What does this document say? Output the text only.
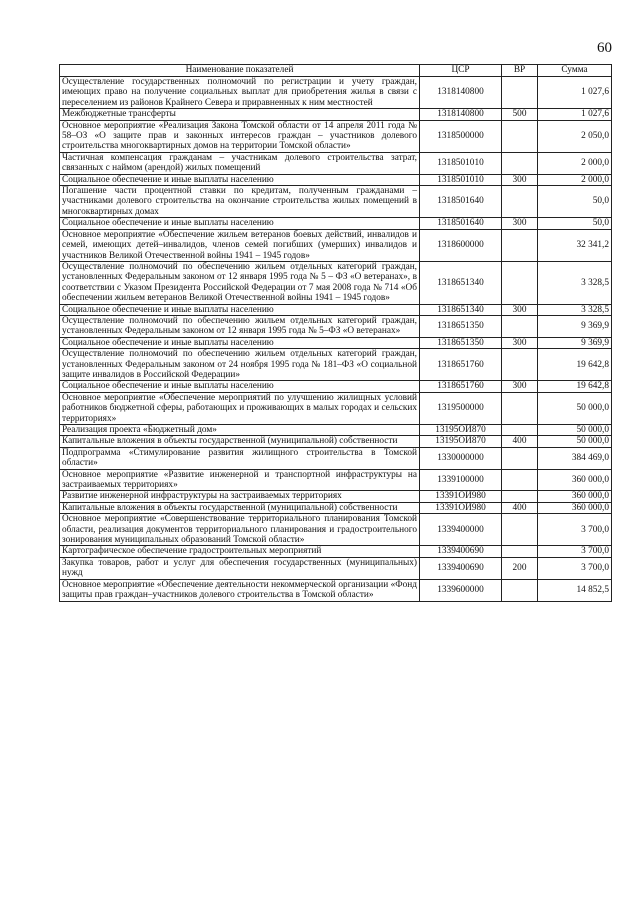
60
Наименование показателей	ЦСР	ВР	Сумма
Осуществление государственных полномочий по регистрации и учету граждан, имеющих право на получение социальных выплат для приобретения жилья в связи с переселением из районов Крайнего Севера и приравненных к ним местностей	1318140800		1 027,6
Межбюджетные трансферты	1318140800	500	1 027,6
Основное мероприятие «Реализация Закона Томской области от 14 апреля 2011 года № 58–ОЗ «О защите прав и законных интересов граждан – участников долевого строительства многоквартирных домов на территории Томской области»	1318500000		2 050,0
Частичная компенсация гражданам – участникам долевого строительства затрат, связанных с наймом (арендой) жилых помещений	1318501010		2 000,0
Социальное обеспечение и иные выплаты населению	1318501010	300	2 000,0
Погашение части процентной ставки по кредитам, полученным гражданами – участниками долевого строительства на окончание строительства жилых помещений в многоквартирных домах	1318501640		50,0
Социальное обеспечение и иные выплаты населению	1318501640	300	50,0
Основное мероприятие «Обеспечение жильем ветеранов боевых действий, инвалидов и семей, имеющих детей–инвалидов, членов семей погибших (умерших) инвалидов и участников Великой Отечественной войны 1941 – 1945 годов»	1318600000		32 341,2
Осуществление полномочий по обеспечению жильем отдельных категорий граждан, установленных Федеральным законом от 12 января 1995 года № 5 – ФЗ «О ветеранах», в соответствии с Указом Президента Российской Федерации от 7 мая 2008 года № 714 «Об обеспечении жильем ветеранов Великой Отечественной войны 1941 – 1945 годов»	1318651340		3 328,5
Социальное обеспечение и иные выплаты населению	1318651340	300	3 328,5
Осуществление полномочий по обеспечению жильем отдельных категорий граждан, установленных Федеральным законом от 12 января 1995 года № 5–ФЗ «О ветеранах»	1318651350		9 369,9
Социальное обеспечение и иные выплаты населению	1318651350	300	9 369,9
Осуществление полномочий по обеспечению жильем отдельных категорий граждан, установленных Федеральным законом от 24 ноября 1995 года № 181–ФЗ «О социальной защите инвалидов в Российской Федерации»	1318651760		19 642,8
Социальное обеспечение и иные выплаты населению	1318651760	300	19 642,8
Основное мероприятие «Обеспечение мероприятий по улучшению жилищных условий работников бюджетной сферы, работающих и проживающих в малых городах и сельских территориях»	1319500000		50 000,0
Реализация проекта «Бюджетный дом»	13195ОИ870		50 000,0
Капитальные вложения в объекты государственной (муниципальной) собственности	13195ОИ870	400	50 000,0
Подпрограмма «Стимулирование развития жилищного строительства в Томской области»	1330000000		384 469,0
Основное мероприятие «Развитие инженерной и транспортной инфраструктуры на застраиваемых территориях»	1339100000		360 000,0
Развитие инженерной инфраструктуры на застраиваемых территориях	13391ОИ980		360 000,0
Капитальные вложения в объекты государственной (муниципальной) собственности	13391ОИ980	400	360 000,0
Основное мероприятие «Совершенствование территориального планирования Томской области, реализация документов территориального планирования и градостроительного зонирования муниципальных образований Томской области»	1339400000		3 700,0
Картографическое обеспечение градостроительных мероприятий	1339400690		3 700,0
Закупка товаров, работ и услуг для обеспечения государственных (муниципальных) нужд	1339400690	200	3 700,0
Основное мероприятие «Обеспечение деятельности некоммерческой организации «Фонд защиты прав граждан–участников долевого строительства в Томской области»	1339600000		14 852,5
